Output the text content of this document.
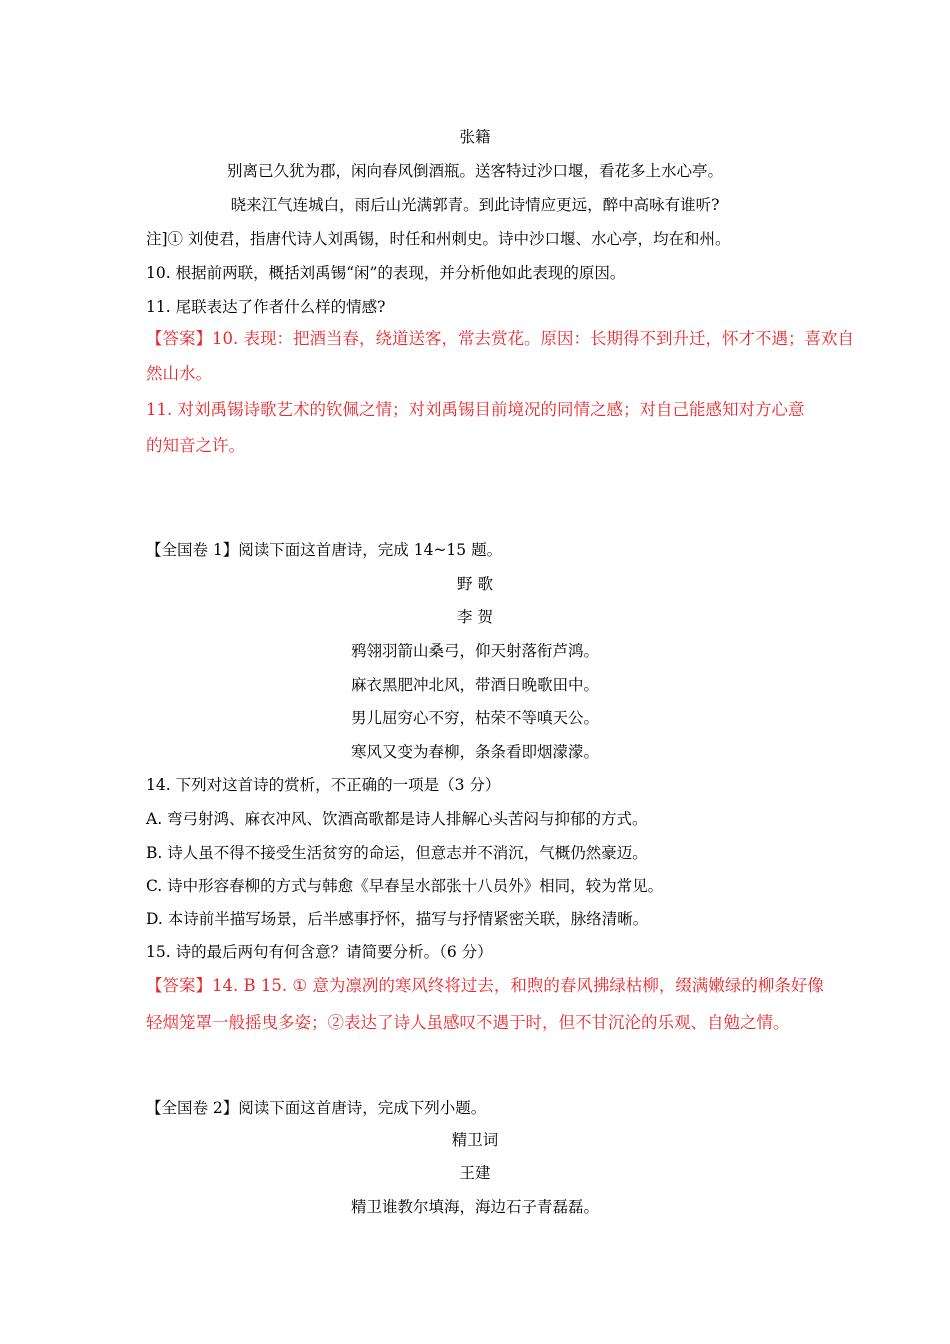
张籍
别离已久犹为郡，闲向春风倒酒瓶。送客特过沙口堰，看花多上水心亭。
晓来江气连城白，雨后山光满郭青。到此诗情应更远，醉中高咏有谁听?
注]① 刘使君，指唐代诗人刘禹锡，时任和州刺史。诗中沙口堰、水心亭，均在和州。
10. 根据前两联，概括刘禹锡“闲”的表现，并分析他如此表现的原因。
11. 尾联表达了作者什么样的情感?
【答案】10. 表现：把酒当春，绕道送客，常去赏花。原因：长期得不到升迁，怀才不遇；喜欢自
然山水。
11. 对刘禹锡诗歌艺术的钦佩之情；对刘禹锡目前境况的同情之感；对自己能感知对方心意
的知音之许。
【全国卷 1】阅读下面这首唐诗，完成 14~15 题。
野 歌
李 贺
鸦翎羽箭山桑弓，仰天射落衔芦鸿。
麻衣黑肥冲北风，带酒日晚歌田中。
男儿屈穷心不穷，枯荣不等嗔天公。
寒风又变为春柳，条条看即烟濛濛。
14. 下列对这首诗的赏析，不正确的一项是（3 分）
A. 弯弓射鸿、麻衣冲风、饮酒高歌都是诗人排解心头苦闷与抑郁的方式。
B. 诗人虽不得不接受生活贫穷的命运，但意志并不消沉，气概仍然豪迈。
C. 诗中形容春柳的方式与韩愈《早春呈水部张十八员外》相同，较为常见。
D. 本诗前半描写场景，后半感事抒怀，描写与抒情紧密关联，脉络清晰。
15. 诗的最后两句有何含意？请简要分析。（6 分）
【答案】14. B 15. ① 意为凛冽的寒风终将过去，和煦的春风拂绿枯柳，缀满嫩绿的柳条好像
轻烟笼罩一般摇曳多姿；②表达了诗人虽感叹不遇于时，但不甘沉沦的乐观、自勉之情。
【全国卷 2】阅读下面这首唐诗，完成下列小题。
精卫词
王建
精卫谁教尔填海，海边石子青磊磊。
